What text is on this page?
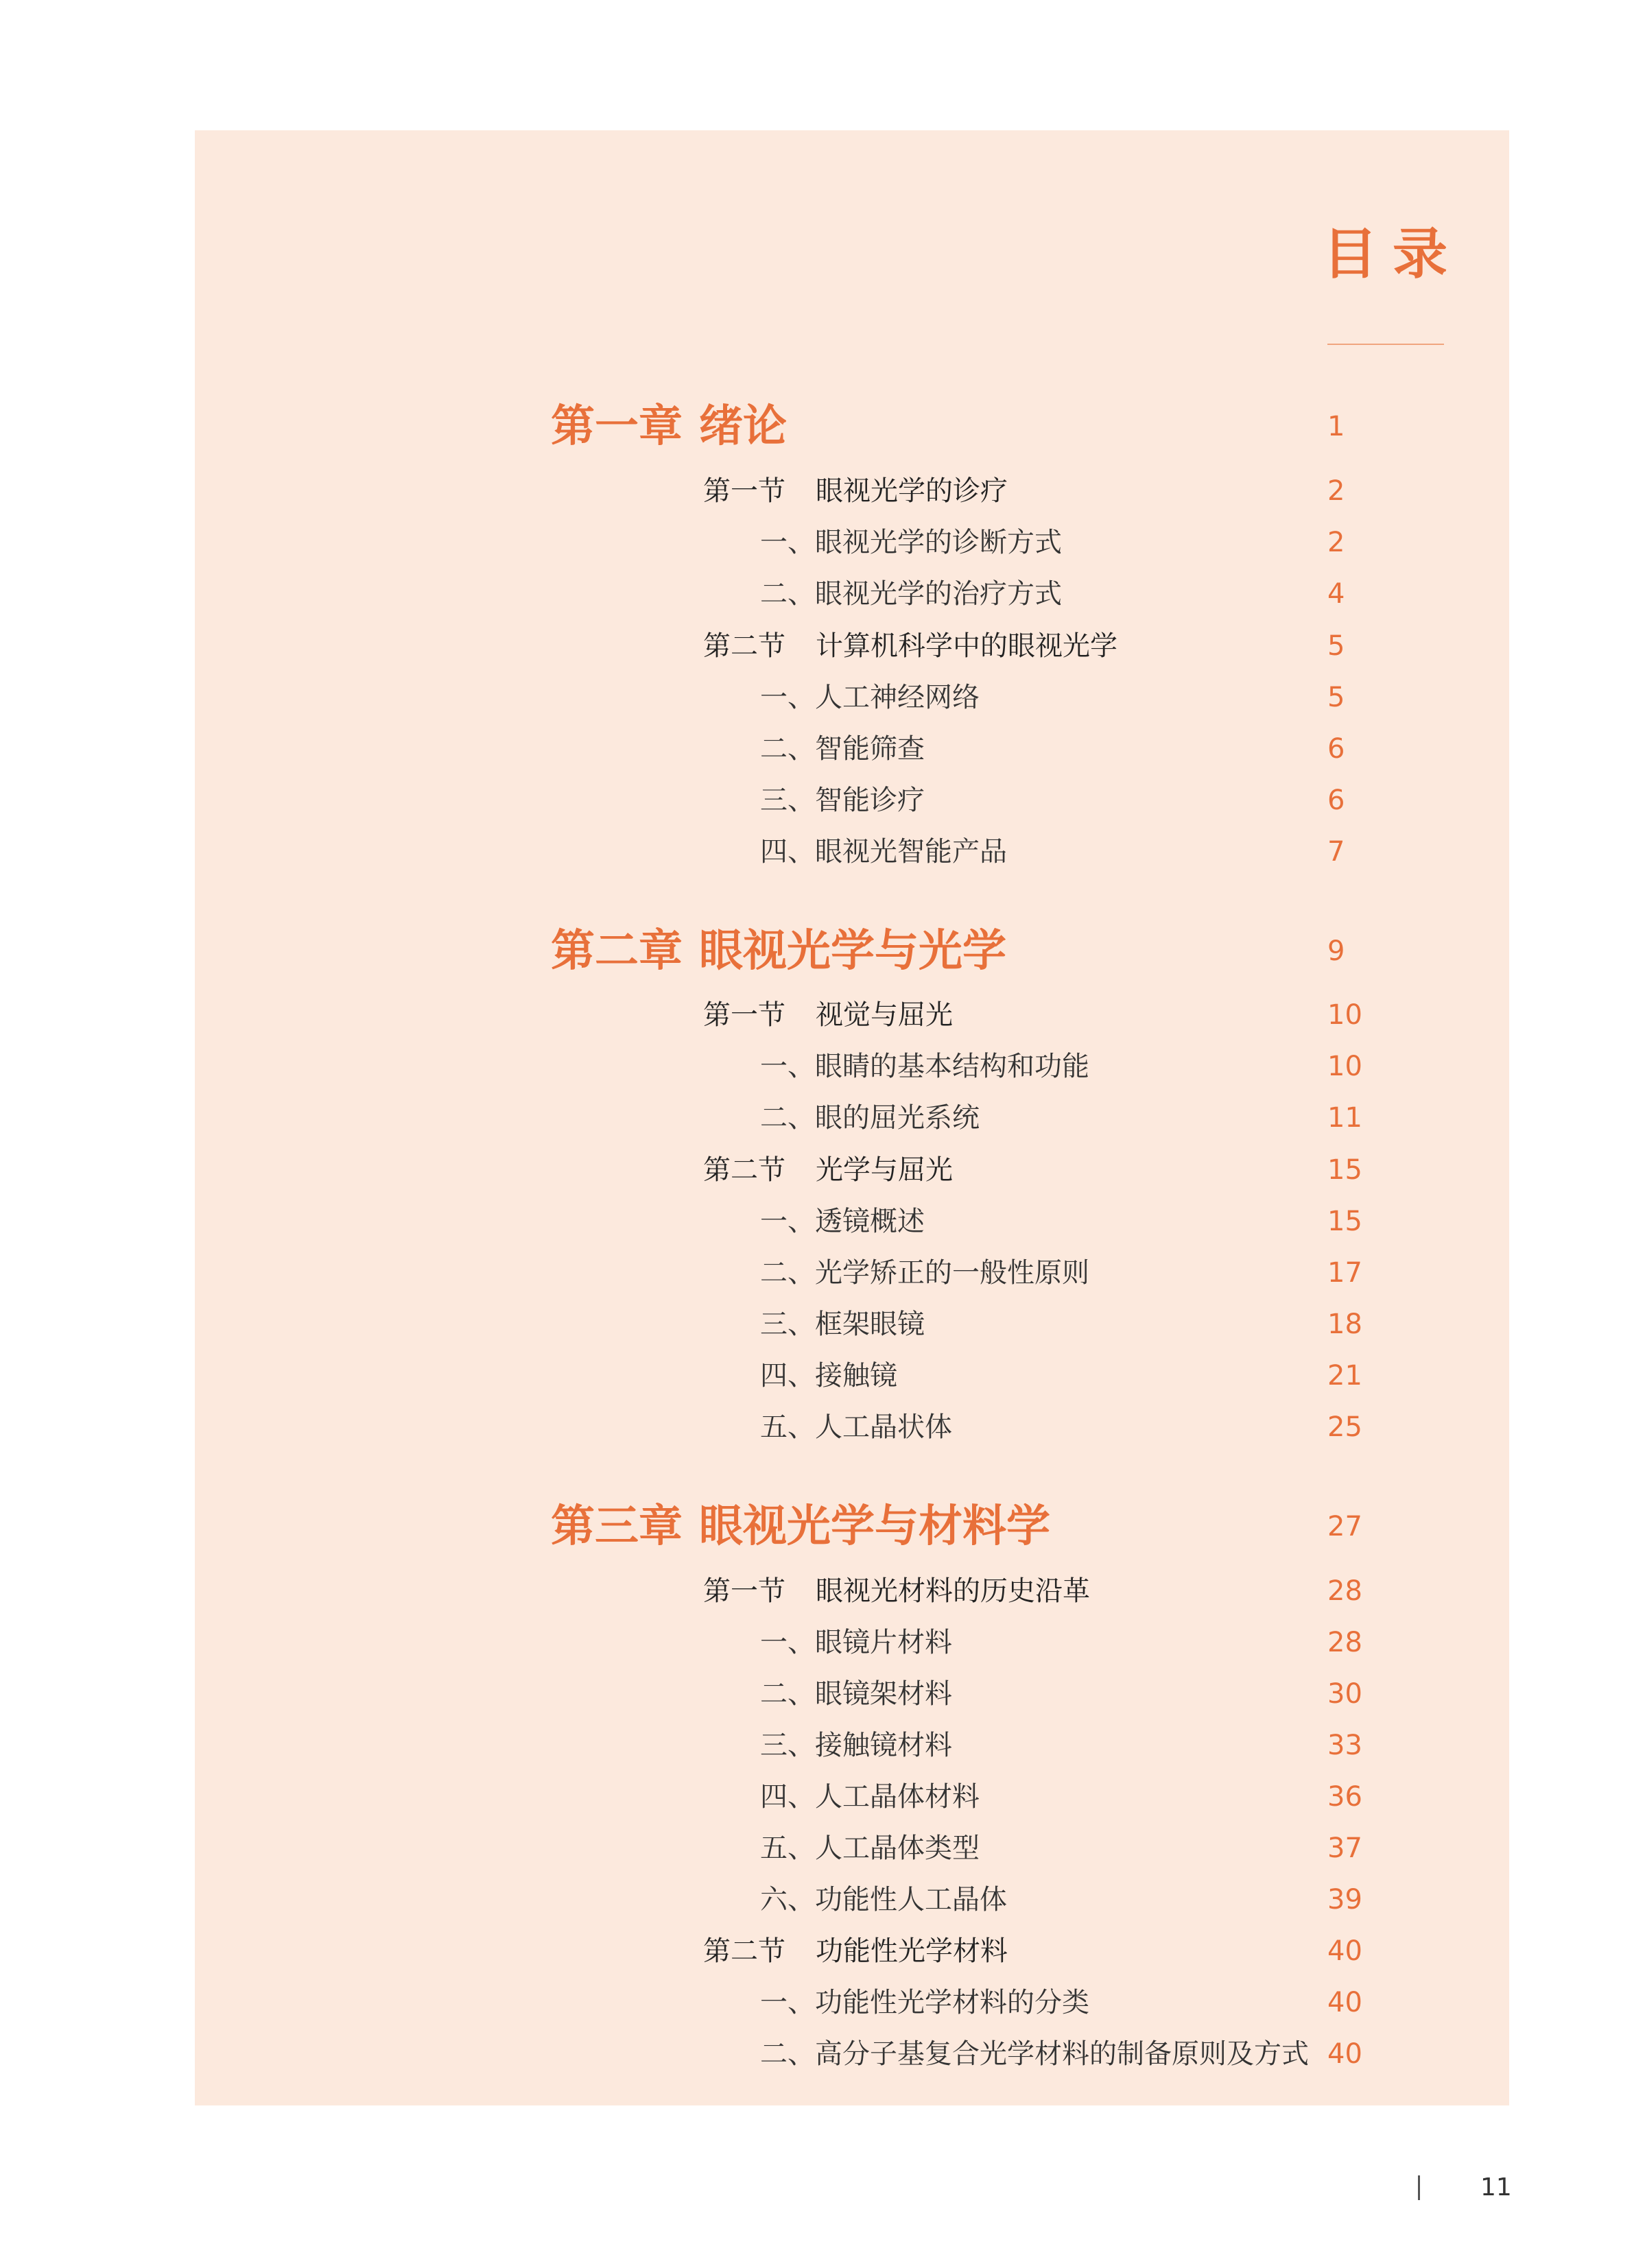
目录
第一章 绪论	1
第一节 眼视光学的诊疗	2
一、眼视光学的诊断方式	2
二、眼视光学的治疗方式	4
第二节 计算机科学中的眼视光学	5
一、人工神经网络	5
二、智能筛查	6
三、智能诊疗	6
四、眼视光智能产品	7
第二章 眼视光学与光学	9
第一节 视觉与屈光	10
一、眼睛的基本结构和功能	10
二、眼的屈光系统	11
第二节 光学与屈光	15
一、透镜概述	15
二、光学矫正的一般性原则	17
三、框架眼镜	18
四、接触镜	21
五、人工晶状体	25
第三章 眼视光学与材料学	27
第一节 眼视光材料的历史沿革	28
一、眼镜片材料	28
二、眼镜架材料	30
三、接触镜材料	33
四、人工晶体材料	36
五、人工晶体类型	37
六、功能性人工晶体	39
第二节 功能性光学材料	40
一、功能性光学材料的分类	40
二、高分子基复合光学材料的制备原则及方式 40
11
